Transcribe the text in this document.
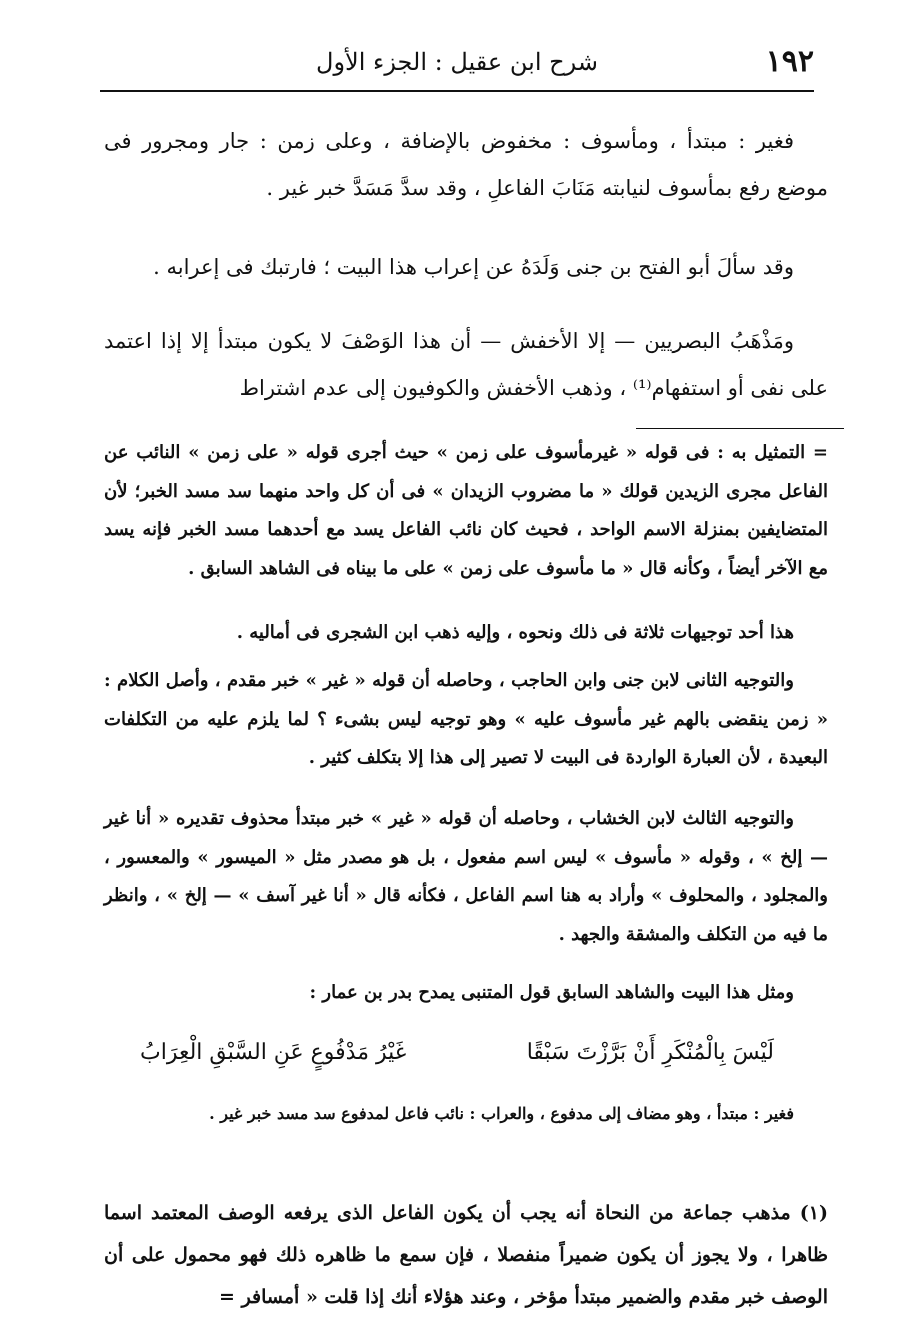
١٩٢
شرح ابن عقيل : الجزء الأول

فغير : مبتدأ ، ومأسوف : مخفوض بالإضافة ، وعلى زمن : جار ومجرور فى موضع رفع بمأسوف لنيابته مَنَابَ الفاعلِ ، وقد سدَّ مَسَدَّ خبر غير .

وقد سألَ أبو الفتح بن جنى وَلَدَهُ عن إعراب هذا البيت ؛ فارتبك فى إعرابه .

ومَذْهَبُ البصريين — إلا الأخفش — أن هذا الوَصْفَ لا يكون مبتدأ إلا إذا اعتمد على نفى أو استفهام⁽¹⁾ ، وذهب الأخفش والكوفيون إلى عدم اشتراط

= التمثيل به : فى قوله « غيرمأسوف على زمن » حيث أجرى قوله « على زمن » النائب عن الفاعل مجرى الزيدين قولك « ما مضروب الزيدان » فى أن كل واحد منهما سد مسد الخبر؛ لأن المتضايفين بمنزلة الاسم الواحد ، فحيث كان نائب الفاعل يسد مع أحدهما مسد الخبر فإنه يسد مع الآخر أيضاً ، وكأنه قال « ما مأسوف على زمن » على ما بيناه فى الشاهد السابق .

هذا أحد توجيهات ثلاثة فى ذلك ونحوه ، وإليه ذهب ابن الشجرى فى أماليه .

والتوجيه الثانى لابن جنى وابن الحاجب ، وحاصله أن قوله « غير » خبر مقدم ، وأصل الكلام : « زمن ينقضى بالهم غير مأسوف عليه » وهو توجيه ليس بشىء ؟ لما يلزم عليه من التكلفات البعيدة ، لأن العبارة الواردة فى البيت لا تصير إلى هذا إلا بتكلف كثير .

والتوجيه الثالث لابن الخشاب ، وحاصله أن قوله « غير » خبر مبتدأ محذوف تقديره « أنا غير — إلخ » ، وقوله « مأسوف » ليس اسم مفعول ، بل هو مصدر مثل « الميسور » والمعسور ، والمجلود ، والمحلوف » وأراد به هنا اسم الفاعل ، فكأنه قال « أنا غير آسف » — إلخ » ، وانظر ما فيه من التكلف والمشقة والجهد .

ومثل هذا البيت والشاهد السابق قول المتنبى يمدح بدر بن عمار :

لَيْسَ بِالْمُنْكَرِ أَنْ بَرَّزْتَ سَبْقًا
غَيْرُ مَدْفُوعٍ عَنِ السَّبْقِ الْعِرَابُ

فغير : مبتدأ ، وهو مضاف إلى مدفوع ، والعراب : نائب فاعل لمدفوع سد مسد خبر غير .

(١) مذهب جماعة من النحاة أنه يجب أن يكون الفاعل الذى يرفعه الوصف المعتمد اسما ظاهرا ، ولا يجوز أن يكون ضميراً منفصلا ، فإن سمع ما ظاهره ذلك فهو محمول على أن الوصف خبر مقدم والضمير مبتدأ مؤخر ، وعند هؤلاء أنك إذا قلت « أمسافر =
